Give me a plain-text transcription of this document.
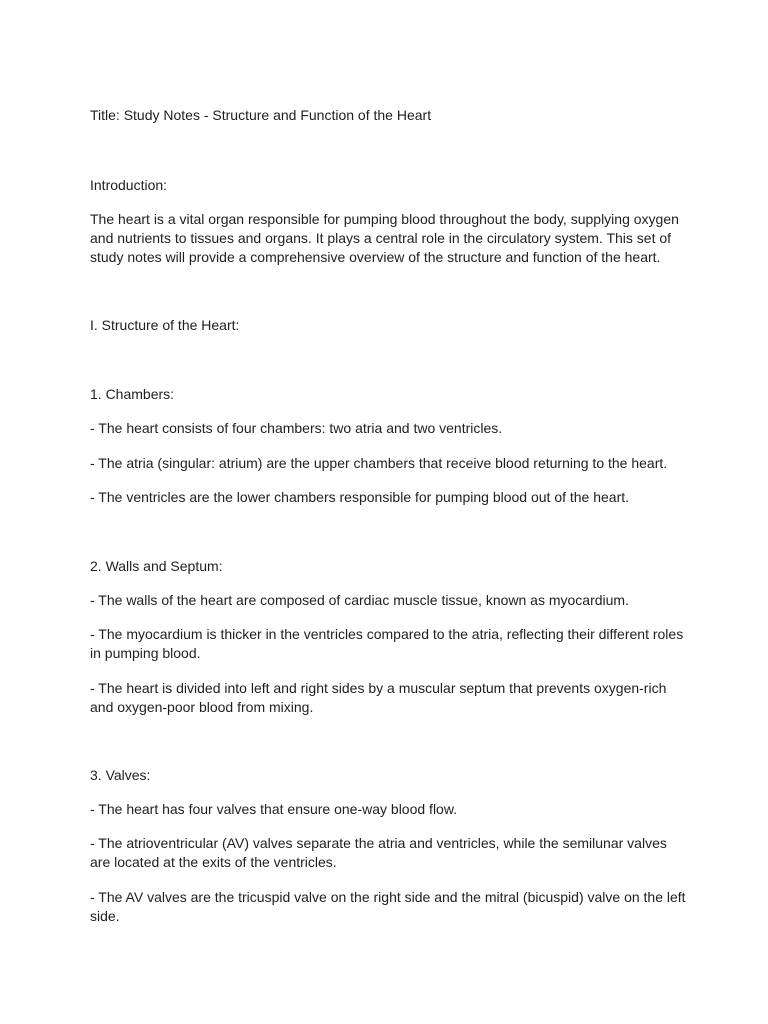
Title: Study Notes - Structure and Function of the Heart

Introduction:

The heart is a vital organ responsible for pumping blood throughout the body, supplying oxygen and nutrients to tissues and organs. It plays a central role in the circulatory system. This set of study notes will provide a comprehensive overview of the structure and function of the heart.

I. Structure of the Heart:

1. Chambers:

- The heart consists of four chambers: two atria and two ventricles.

- The atria (singular: atrium) are the upper chambers that receive blood returning to the heart.

- The ventricles are the lower chambers responsible for pumping blood out of the heart.

2. Walls and Septum:

- The walls of the heart are composed of cardiac muscle tissue, known as myocardium.

- The myocardium is thicker in the ventricles compared to the atria, reflecting their different roles in pumping blood.

- The heart is divided into left and right sides by a muscular septum that prevents oxygen-rich and oxygen-poor blood from mixing.

3. Valves:

- The heart has four valves that ensure one-way blood flow.

- The atrioventricular (AV) valves separate the atria and ventricles, while the semilunar valves are located at the exits of the ventricles.

- The AV valves are the tricuspid valve on the right side and the mitral (bicuspid) valve on the left side.
